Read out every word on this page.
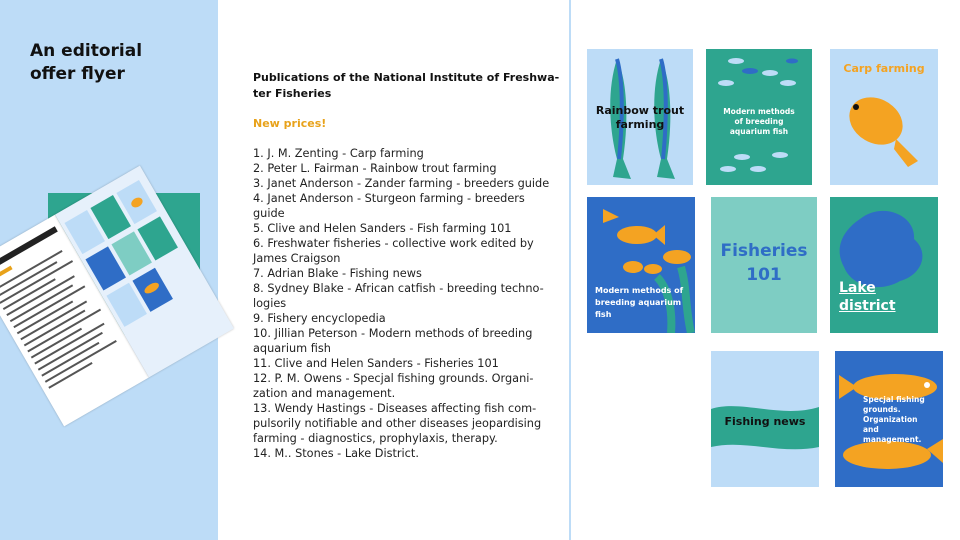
An editorial
offer flyer	Publications of the National Institute of Freshwa-ter Fisheries
New prices!
1. J. M. Zenting - Carp farming
2. Peter L. Fairman - Rainbow trout farming
3. Janet Anderson - Zander farming - breeders guide
4. Janet Anderson - Sturgeon farming - breeders guide
5. Clive and Helen Sanders - Fish farming 101
6. Freshwater fisheries - collective work edited by James Craigson
7. Adrian Blake - Fishing news
8. Sydney Blake - African catfish - breeding techno-logies
9. Fishery encyclopedia
10. Jillian Peterson - Modern methods of breeding aquarium fish
11. Clive and Helen Sanders - Fisheries 101
12. P. M. Owens - Specjal fishing grounds. Organi-zation and management.
13. Wendy Hastings - Diseases affecting fish com-pulsorily notifiable and other diseases jeopardising farming - diagnostics, prophylaxis, therapy.
14. M.. Stones - Lake District.
Rainbow trout farming
Modern methods of breeding aquarium fish
Carp farming
Modern methods of breeding aquarium fish
Fisheries 101
Lake district
Fishing news
Specjal fishing grounds. Organization and management.
